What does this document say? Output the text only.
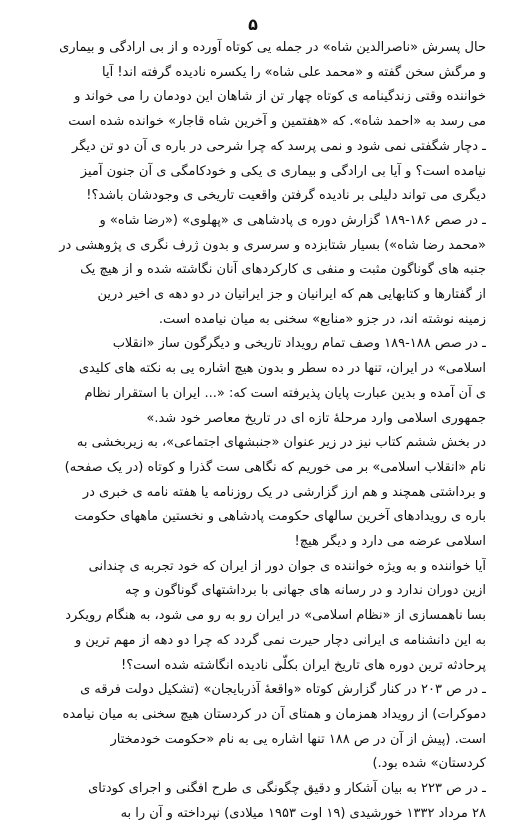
۵
حال پسرش «ناصرالدین شاه» در جمله یی کوتاه آورده و از بی ارادگی و بیماری
و مرگش سخن گفته و «محمد علی شاه» را یکسره نادیده گرفته اند! آیا
خواننده وقتی زندگینامه ی کوتاه چهار تن از شاهان این دودمان را می خواند و
می رسد به «احمد شاه». که «هفتمین و آخرین شاه قاجار» خوانده شده است
ـ دچار شگفتی نمی شود و نمی پرسد که چرا شرحی در باره ی آن دو تن دیگر
نیامده است؟ و آیا بی ارادگی و بیماری ی یکی و خودکامگی ی آن جنون آمیز
دیگری می تواند دلیلی بر نادیده گرفتن واقعیت تاریخی ی وجودشان باشد؟!
ـ در صص ۱۸۶-۱۸۹ گزارش دوره ی پادشاهی ی «پهلوی» («رضا شاه» و
«محمد رضا شاه») بسیار شتابزده و سرسری و بدون ژرف نگری ی پژوهشی در
جنبه های گوناگون مثبت و منفی ی کارکردهای آنان نگاشته شده و از هیچ یک
از گفتارها و کتابهایی هم که ایرانیان و جز ایرانیان در دو دهه ی اخیر درین
زمینه نوشته اند، در جزو «منابع» سخنی به میان نیامده است.
ـ در صص ۱۸۸-۱۸۹ وصف تمام رویداد تاریخی و دیگرگون ساز «انقلاب
اسلامی» در ایران، تنها در ده سطر و بدون هیچ اشاره یی به نکته های کلیدی
ی آن آمده و بدین عبارت پایان پذیرفته است که: «... ایران با استقرار نظام
جمهوری اسلامی وارد مرحلهٔ تازه ای در تاریخ معاصر خود شد.»
در بخش ششم کتاب نیز در زیر عنوان «جنبشهای اجتماعی»، به زیربخشی به
نام «انقلاب اسلامی» بر می خوریم که نگاهی ست گذرا و کوتاه (در یک صفحه)
و برداشتی همچند و هم ارز گزارشی در یک روزنامه یا هفته نامه ی خبری در
باره ی رویدادهای آخرین سالهای حکومت پادشاهی و نخستین ماههای حکومت
اسلامی عرضه می دارد و دیگر هیچ!
آیا خواننده و به ویژه خواننده ی جوان دور از ایران که خود تجربه ی چندانی
ازین دوران ندارد و در رسانه های جهانی با برداشتهای گوناگون و چه
بسا ناهمسازی از «نظام اسلامی» در ایران رو به رو می شود، به هنگام رویکرد
به این دانشنامه ی ایرانی دچار حیرت نمی گردد که چرا دو دهه از مهم ترین و
پرحادثه ترین دوره های تاریخ ایران بکلّی نادیده انگاشته شده است؟!
ـ در ص ۲۰۳ در کنار گزارش کوتاه «واقعهٔ آذربایجان» (تشکیل دولت فرقه ی
دموکرات) از رویداد همزمان و همتای آن در کردستان هیچ سخنی به میان نیامده
است. (پیش از آن در ص ۱۸۸ تنها اشاره یی به نام «حکومت خودمختار
کردستان» شده بود.)
ـ در ص ۲۲۳ به بیان آشکار و دقیق چگونگی ی طرح افگنی و اجرای کودتای
۲۸ مرداد ۱۳۳۲ خورشیدی (۱۹ اوت ۱۹۵۳ میلادی) نپرداخته و آن را به
